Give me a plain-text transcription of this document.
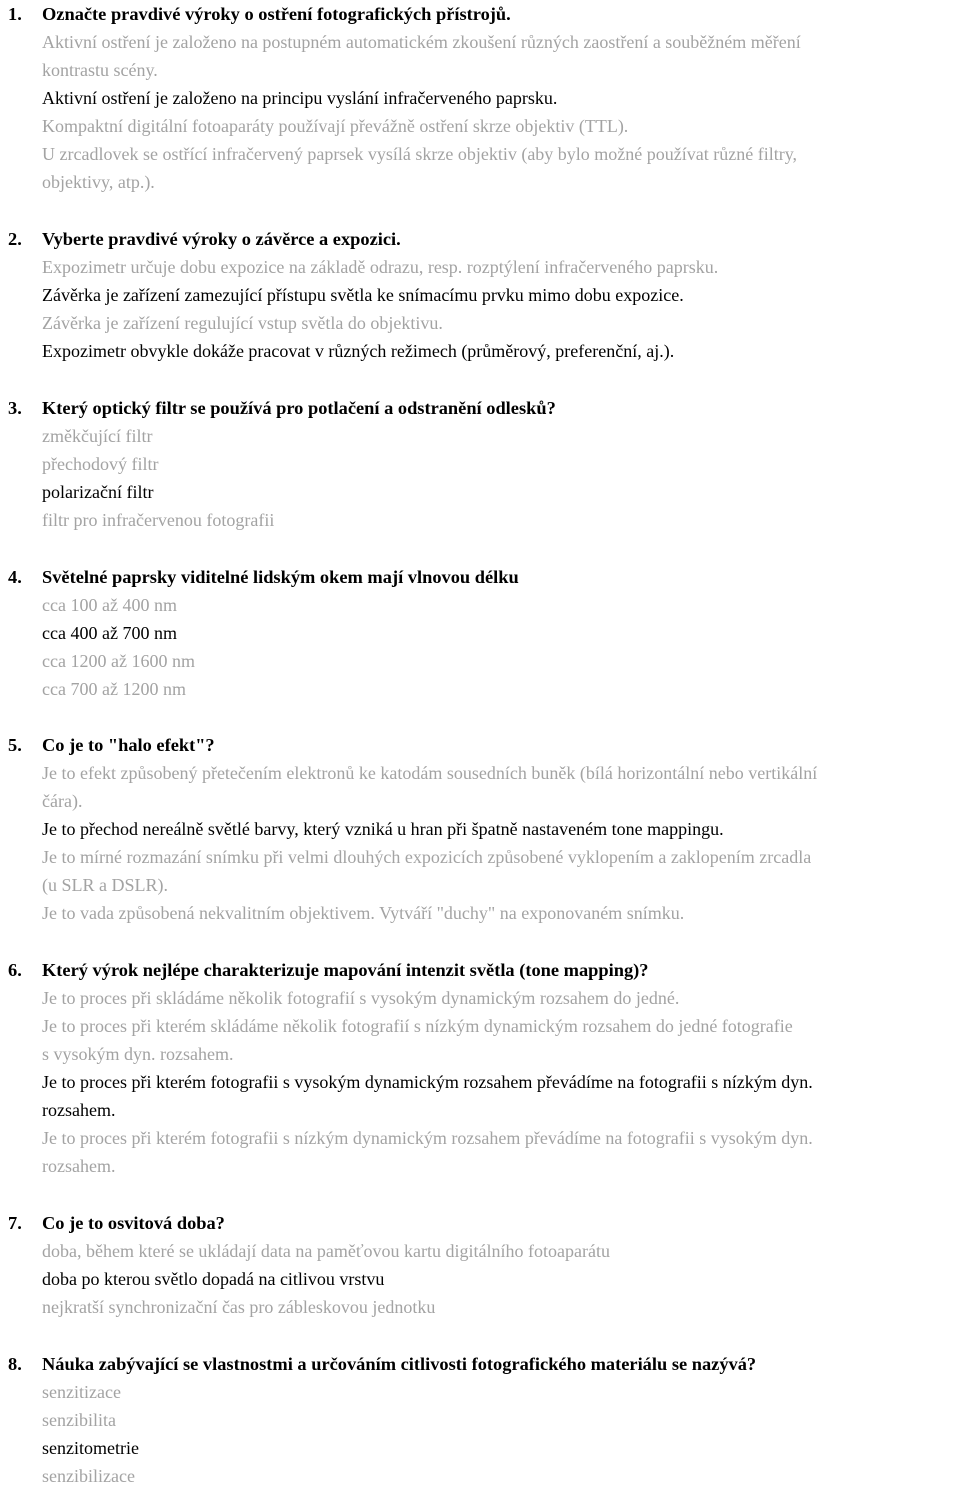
1. Označte pravdivé výroky o ostření fotografických přístrojů.
Aktivní ostření je založeno na postupném automatickém zkoušení různých zaostření a souběžném měření
kontrastu scény.
Aktivní ostření je založeno na principu vyslání infračerveného paprsku.
Kompaktní digitální fotoaparáty používají převážně ostření skrze objektiv (TTL).
U zrcadlovek se ostřící infračervený paprsek vysílá skrze objektiv (aby bylo možné používat různé filtry,
objektivy, atp.).
2. Vyberte pravdivé výroky o závěrce a expozici.
Expozimetr určuje dobu expozice na základě odrazu, resp. rozptýlení infračerveného paprsku.
Závěrka je zařízení zamezující přístupu světla ke snímacímu prvku mimo dobu expozice.
Závěrka je zařízení regulující vstup světla do objektivu.
Expozimetr obvykle dokáže pracovat v různých režimech (průměrový, preferenční, aj.).
3. Který optický filtr se používá pro potlačení a odstranění odlesků?
změkčující filtr
přechodový filtr
polarizační filtr
filtr pro infračervenou fotografii
4. Světelné paprsky viditelné lidským okem mají vlnovou délku
cca 100 až 400 nm
cca 400 až 700 nm
cca 1200 až 1600 nm
cca 700 až 1200 nm
5. Co je to "halo efekt"?
Je to efekt způsobený přetečením elektronů ke katodám sousedních buněk (bílá horizontální nebo vertikální
čára).
Je to přechod nereálně světlé barvy, který vzniká u hran při špatně nastaveném tone mappingu.
Je to mírné rozmazání snímku při velmi dlouhých expozicích způsobené vyklopením a zaklopením zrcadla
(u SLR a DSLR).
Je to vada způsobená nekvalitním objektivem. Vytváří "duchy" na exponovaném snímku.
6. Který výrok nejlépe charakterizuje mapování intenzit světla (tone mapping)?
Je to proces při skládáme několik fotografií s vysokým dynamickým rozsahem do jedné.
Je to proces při kterém skládáme několik fotografií s nízkým dynamickým rozsahem do jedné fotografie
s vysokým dyn. rozsahem.
Je to proces při kterém fotografii s vysokým dynamickým rozsahem převádíme na fotografii s nízkým dyn.
rozsahem.
Je to proces při kterém fotografii s nízkým dynamickým rozsahem převádíme na fotografii s vysokým dyn.
rozsahem.
7. Co je to osvitová doba?
doba, během které se ukládají data na paměťovou kartu digitálního fotoaparátu
doba po kterou světlo dopadá na citlivou vrstvu
nejkratší synchronizační čas pro zábleskovou jednotku
8. Náuka zabývající se vlastnostmi a určováním citlivosti fotografického materiálu se nazývá?
senzitizace
senzibilita
senzitometrie
senzibilizace
